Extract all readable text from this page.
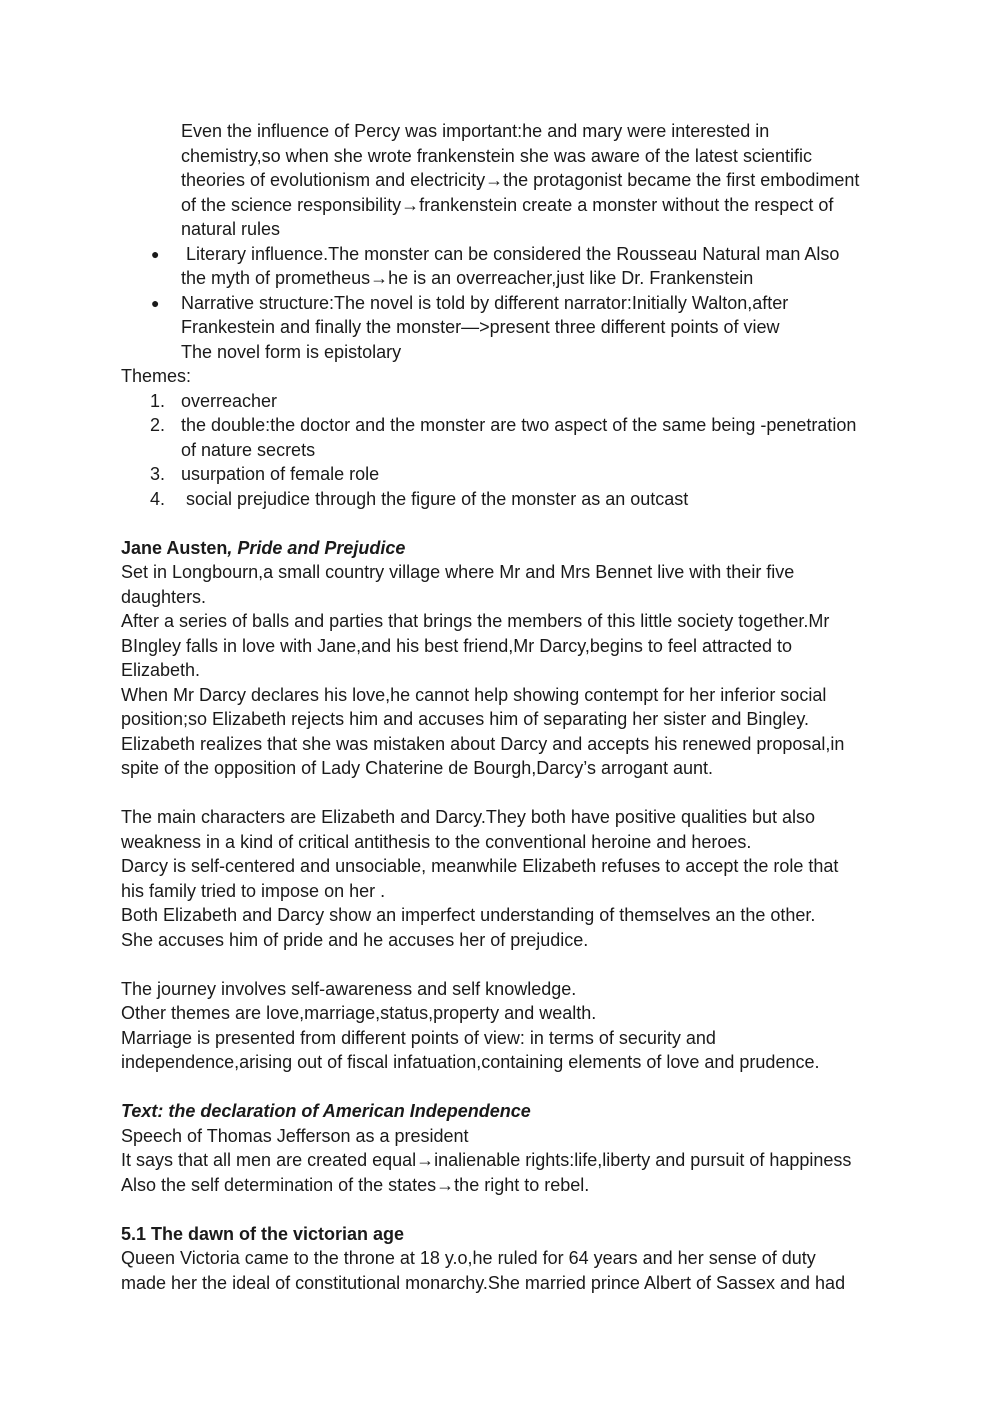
Even the influence of Percy was important:he and mary were interested in
chemistry,so when she wrote frankenstein she was aware of the latest scientific
theories of evolutionism and electricity→the protagonist became the first embodiment
of the science responsibility→frankenstein create a monster without the respect of
natural rules
● Literary influence.The monster can be considered the Rousseau Natural man Also
the myth of prometheus→he is an overreacher,just like Dr. Frankenstein
● Narrative structure:The novel is told by different narrator:Initially Walton,after
Frankestein and finally the monster—>present three different points of view
The novel form is epistolary
Themes:
1. overreacher
2. the double:the doctor and the monster are two aspect of the same being -penetration
of nature secrets
3. usurpation of female role
4. social prejudice through the figure of the monster as an outcast
Jane Austen, Pride and Prejudice
Set in Longbourn,a small country village where Mr and Mrs Bennet live with their five
daughters.
After a series of balls and parties that brings the members of this little society together.Mr
BIngley falls in love with Jane,and his best friend,Mr Darcy,begins to feel attracted to
Elizabeth.
When Mr Darcy declares his love,he cannot help showing contempt for her inferior social
position;so Elizabeth rejects him and accuses him of separating her sister and Bingley.
Elizabeth realizes that she was mistaken about Darcy and accepts his renewed proposal,in
spite of the opposition of Lady Chaterine de Bourgh,Darcy’s arrogant aunt.
The main characters are Elizabeth and Darcy.They both have positive qualities but also
weakness in a kind of critical antithesis to the conventional heroine and heroes.
Darcy is self-centered and unsociable, meanwhile Elizabeth refuses to accept the role that
his family tried to impose on her .
Both Elizabeth and Darcy show an imperfect understanding of themselves an the other.
She accuses him of pride and he accuses her of prejudice.
The journey involves self-awareness and self knowledge.
Other themes are love,marriage,status,property and wealth.
Marriage is presented from different points of view: in terms of security and
independence,arising out of fiscal infatuation,containing elements of love and prudence.
Text: the declaration of American Independence
Speech of Thomas Jefferson as a president
It says that all men are created equal→inalienable rights:life,liberty and pursuit of happiness
Also the self determination of the states→the right to rebel.
5.1 The dawn of the victorian age
Queen Victoria came to the throne at 18 y.o,he ruled for 64 years and her sense of duty
made her the ideal of constitutional monarchy.She married prince Albert of Sassex and had
